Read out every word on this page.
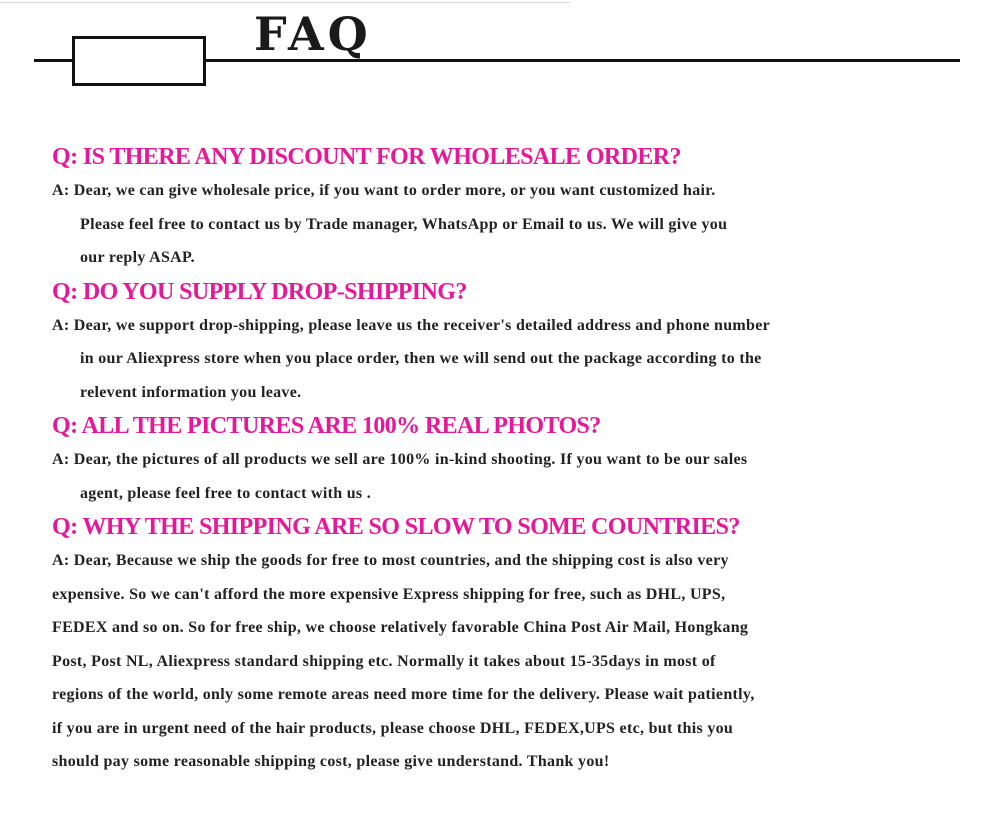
FAQ
Q: IS THERE ANY DISCOUNT FOR WHOLESALE ORDER?
A: Dear, we can give wholesale price, if you want to order more, or you want customized hair.
Please feel free to contact us by Trade manager, WhatsApp or Email to us. We will give you
our reply ASAP.
Q: DO YOU SUPPLY DROP-SHIPPING?
A: Dear, we support drop-shipping, please leave us the receiver's detailed address and phone number
in our Aliexpress store when you place order, then we will send out the package according to the
relevent information you leave.
Q: ALL THE PICTURES ARE 100% REAL PHOTOS?
A: Dear, the pictures of all products we sell are 100% in-kind shooting. If you want to be our sales
agent, please feel free to contact with us .
Q: WHY THE SHIPPING ARE SO SLOW TO SOME COUNTRIES?
A: Dear, Because we ship the goods for free to most countries, and the shipping cost is also very
expensive. So we can't afford the more expensive Express shipping for free, such as DHL, UPS,
FEDEX and so on. So for free ship, we choose relatively favorable China Post Air Mail, Hongkang
Post, Post NL, Aliexpress standard shipping etc. Normally it takes about 15-35days in most of
regions of the world, only some remote areas need more time for the delivery. Please wait patiently,
if you are in urgent need of the hair products, please choose DHL, FEDEX,UPS etc, but this you
should pay some reasonable shipping cost, please give understand. Thank you!
